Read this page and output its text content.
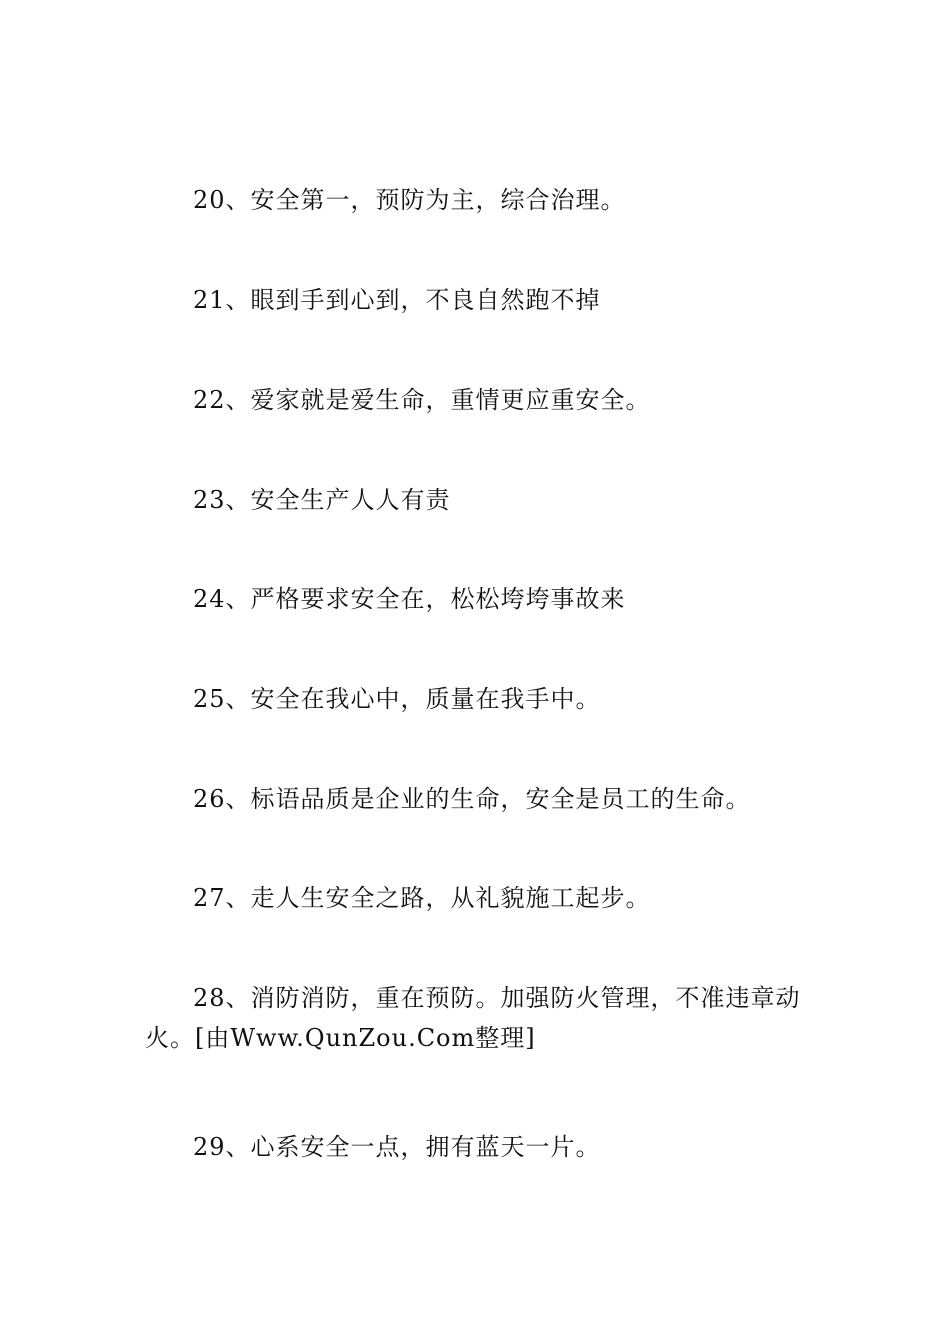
20、安全第一，预防为主，综合治理。

21、眼到手到心到，不良自然跑不掉

22、爱家就是爱生命，重情更应重安全。

23、安全生产人人有责

24、严格要求安全在，松松垮垮事故来

25、安全在我心中，质量在我手中。

26、标语品质是企业的生命，安全是员工的生命。

27、走人生安全之路，从礼貌施工起步。

28、消防消防，重在预防。加强防火管理，不准违章动火。[由Www.QunZou.Com整理]

29、心系安全一点，拥有蓝天一片。
